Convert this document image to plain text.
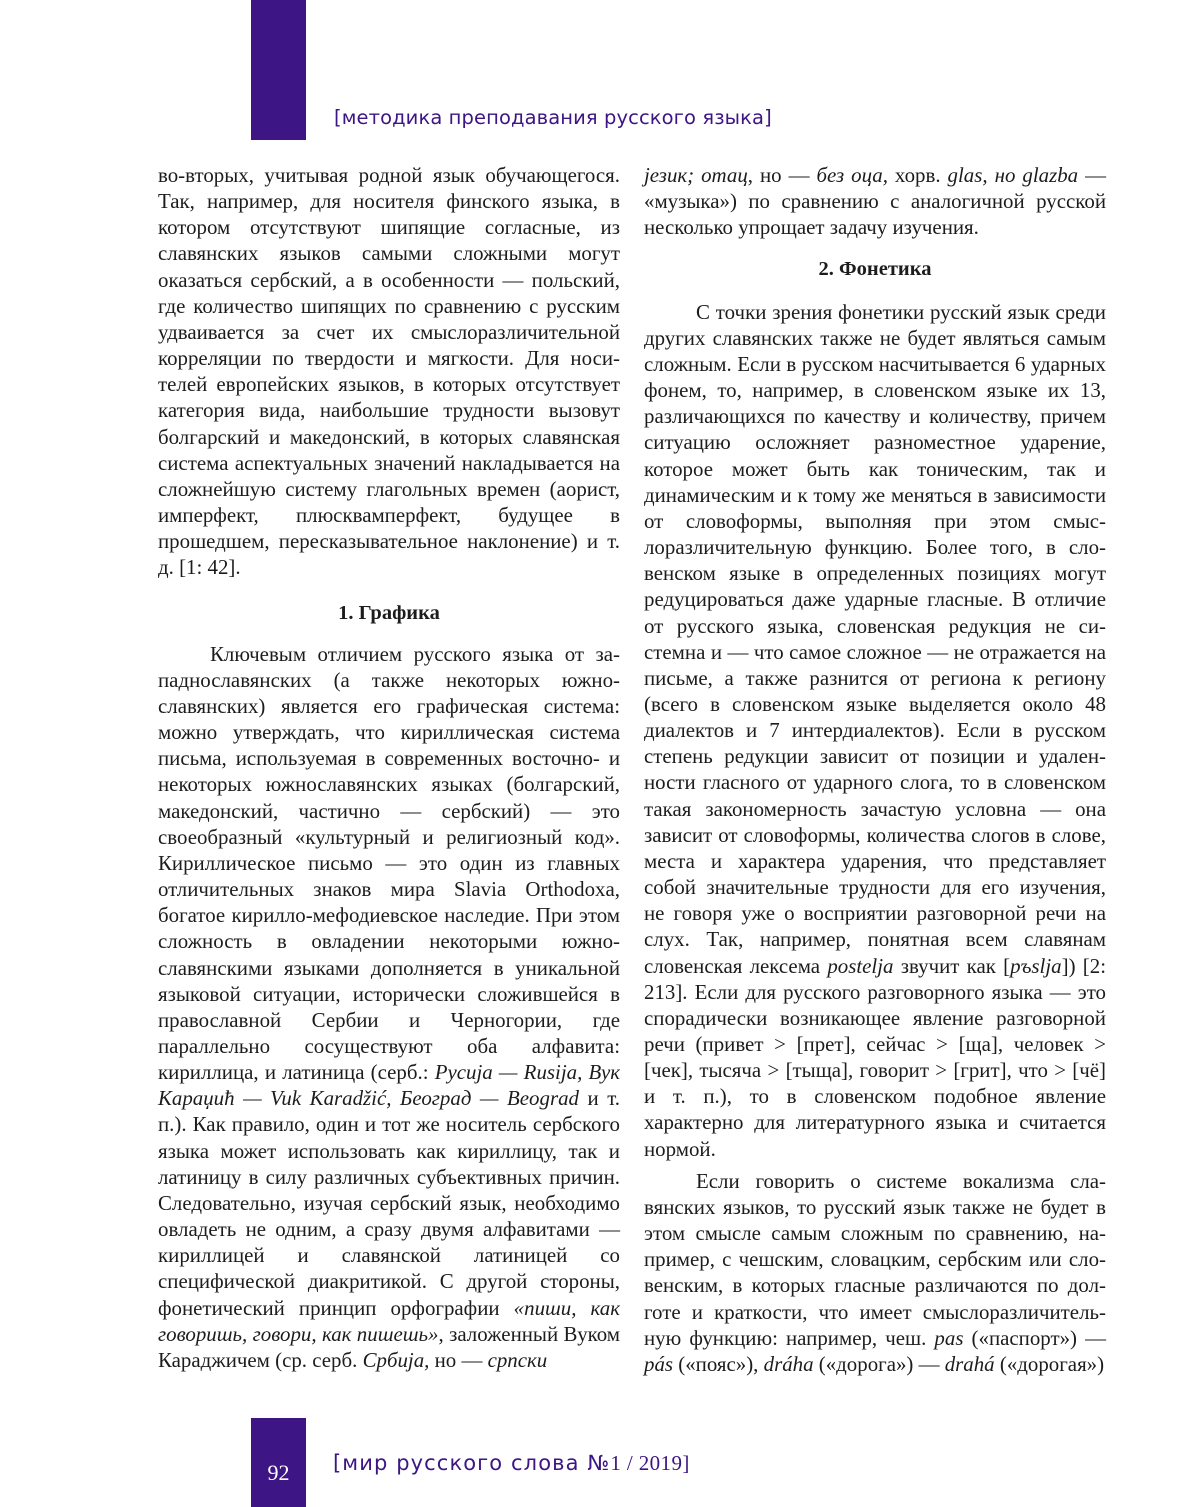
[методика преподавания русского языка]

во-вторых, учитывая родной язык обучающегося. Так, например, для носителя финского языка, в котором отсутствуют шипящие согласные, из славянских языков самыми сложными могут оказаться сербский, а в особенности — польский, где количество шипящих по сравнению с русским удваивается за счет их смыслоразличительной корреляции по твердости и мягкости. Для носителей европейских языков, в которых отсутствует категория вида, наибольшие трудности вызовут болгарский и македонский, в которых славянская система аспектуальных значений накладывается на сложнейшую систему глагольных времен (аорист, имперфект, плюсквамперфект, будущее в прошедшем, пересказывательное наклонение) и т. д. [1: 42].

1. Графика

Ключевым отличием русского языка от западнославянских (а также некоторых южнославянских) является его графическая система: можно утверждать, что кириллическая система письма, используемая в современных восточно- и некоторых южнославянских языках (болгарский, македонский, частично — сербский) — это своеобразный «культурный и религиозный код». Кириллическое письмо — это один из главных отличительных знаков мира Slavia Orthodoxa, богатое кирилло-мефодиевское наследие. При этом сложность в овладении некоторыми южнославянскими языками дополняется в уникальной языковой ситуации, исторически сложившейся в православной Сербии и Черногории, где параллельно сосуществуют оба алфавита: кириллица, и латиница (серб.: Русија — Rusija, Вук Караџић — Vuk Karadžić, Београд — Beograd и т. п.). Как правило, один и тот же носитель сербского языка может использовать как кириллицу, так и латиницу в силу различных субъективных причин. Следовательно, изучая сербский язык, необходимо овладеть не одним, а сразу двумя алфавитами — кириллицей и славянской латиницей со специфической диакритикой. С другой стороны, фонетический принцип орфографии «пиши, как говоришь, говори, как пишешь», заложенный Вуком Караджичем (ср. серб. Србија, но — српски

језик; отац, но — без оца, хорв. glas, но glazba — «музыка») по сравнению с аналогичной русской несколько упрощает задачу изучения.

2. Фонетика

С точки зрения фонетики русский язык среди других славянских также не будет являться самым сложным. Если в русском насчитывается 6 ударных фонем, то, например, в словенском языке их 13, различающихся по качеству и количеству, причем ситуацию осложняет разноместное ударение, которое может быть как тоническим, так и динамическим и к тому же меняться в зависимости от словоформы, выполняя при этом смыслоразличительную функцию. Более того, в словенском языке в определенных позициях могут редуцироваться даже ударные гласные. В отличие от русского языка, словенская редукция не системна и — что самое сложное — не отражается на письме, а также разнится от региона к региону (всего в словенском языке выделяется около 48 диалектов и 7 интердиалектов). Если в русском степень редукции зависит от позиции и удаленности гласного от ударного слога, то в словенском такая закономерность зачастую условна — она зависит от словоформы, количества слогов в слове, места и характера ударения, что представляет собой значительные трудности для его изучения, не говоря уже о восприятии разговорной речи на слух. Так, например, понятная всем славянам словенская лексема postelja звучит как [pъslja]) [2: 213]. Если для русского разговорного языка — это спорадически возникающее явление разговорной речи (привет > [прет], сейчас > [ща], человек > [чек], тысяча > [тыща], говорит > [грит], что > [чё] и т. п.), то в словенском подобное явление характерно для литературного языка и считается нормой.

Если говорить о системе вокализма славянских языков, то русский язык также не будет в этом смысле самым сложным по сравнению, например, с чешским, словацким, сербским или словенским, в которых гласные различаются по долготе и краткости, что имеет смыслоразличительную функцию: например, чеш. pas («паспорт») — pás («пояс»), dráha («дорога») — drahá («дорогая»)

92	[мир русского слова №1 / 2019]
